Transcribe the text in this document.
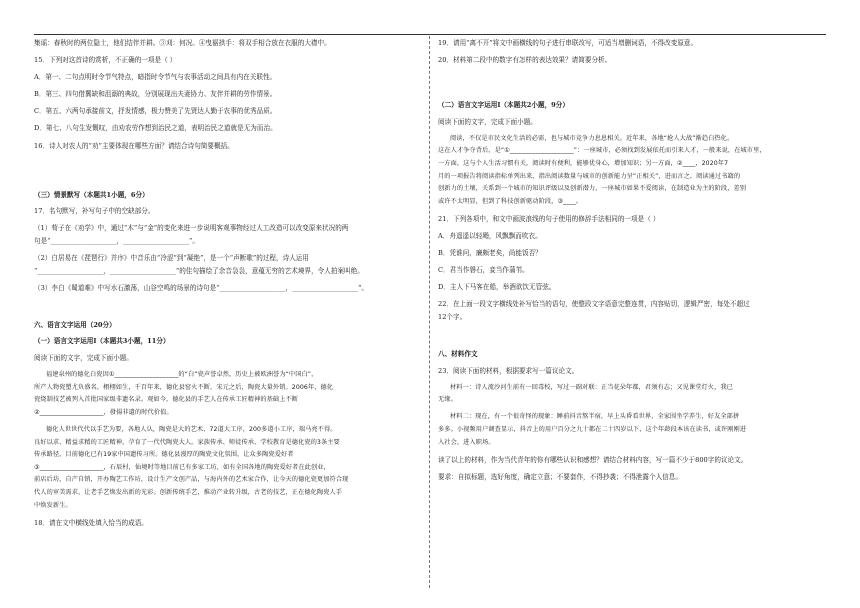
集谣：春秋时的两位隐士，他们结伴并耕。③刈：何况。④曳裾拱手：将双手相合放在衣服的大襟中。

15．下列对这首诗的赏析，不正确的一项是（ ）

A．第一、二句点明时令节气特点，暗指时令节气与农事活动之间具有内在关联性。

B．第三、四句借冀缺和沮溺的典故，分别展现出夫妻协力、友伴并耕的劳作情景。

C．第五、六两句承接前文，抒发情感，极力赞美了先贤达人勤于农事的优秀品质。

D．第七、八句生发慨叹，由劝农劳作想到治民之道，表明治民之道就是无为而治。

16．诗人对农人的“劝”主要体现在哪些方面？请结合诗句简要概括。

（三）情景默写（本题共1小题，6分）

17．名句默写，补写句子中的空缺部分。

（1）荀子在《劝学》中，通过“木”与“金”的变化来进一步说明客观事物经过人工改造可以改变原来状况的两

句是“____________________，____________________”。

（2）白居易在《琵琶行》并序》中音乐由“冷涩”到“凝绝”，是一个“声断歌”的过程，诗人运用

“____________________，____________________”的佳句描绘了余音袅袅，意蕴无穷的艺术境界，令人拍案叫绝。

（3）李白《蜀道难》中写水石激荡，山谷空鸣的场景的诗句是“____________________，____________________”。

六、语言文字运用（20分）

（一）语言文字运用Ⅰ（本题共3小题，11分）

阅读下面的文字，完成下面小题。

福建泉州的德化白瓷因①____________________的“白”瓷声誉卓然，历史上被欧洲誉为“中国白”，

所产人物瓷塑尤负盛名，栩栩如生，千百年来，德化县窑火不断，宋元之后，陶瓷大量外销。2006年，德化

瓷烧制技艺被列入首批国家级非遗名录。观如今，德化县的手艺人在传承工匠精神的基础上不断

②____________________，發揚非遺的时代价值。

德化人世世代代以手艺为要，各地人认，陶瓷是大的艺术，72道大工序，200多道小工序，瑞马亮不得。

良好以求、精益求精的工匠精神，孕育了一代代陶瓷大人。家族传承、师徒传承、学校教育是德化瓷的3条主要

传承路径，目前德化已有19家中国遗传习所。德化县漫厚的陶瓷文化氛围，让众多陶瓷爱好者

③____________________，石辰村，仙境时等地目前已有多家工坊，如有全国各地的陶瓷爱好者在此创业，

前店后坊，自产自销，开办陶艺工作坊，设计生产文创产品，与海内外的艺术家合作，让今天的德化瓷更加符合现

代人的审美需求，让老手艺焕发出新的光彩。创新传统手艺，推动产业转升级，古老的技艺，正在德化陶瓷人手

中焕发新生。

18．请在文中横线处填入恰当的成语。

19．请用“离不开”将文中画横线的句子进行串联改写，可适当增删词语，不得改变原意。

20．材料第二段中的数字有怎样的表达效果？请简要分析。

（二）语言文字运用Ⅰ（本题共2小题，9分）

阅读下面的文字，完成下面小题。

阅读，不仅是市民文化生活的必需，也与城市竞争力息息相关。近年来，各地“抢人大战”渐趋白热化。

这在人才争夺背后，是“①____________________”：一座城市，必须找到发展依托而引来人才，一般来说，在城市里，

一方面，这与个人生活习惯有关，阅读时有便利，能够优身心，增加知识；另一方面，②____，2020年7

月的一项报告将阅读指标单列出来，指出阅读数量与城市的创新能力呈“正相关”，进而言之，阅读通过书籍的

创新力的土壤，关系到一个城市的知识评级以及创新潜力，一座城市如果不爱阅读，在制造业为主的阶段，差别

或许不太明显，但到了科技创新驱动阶段，③____。

21．下列各项中，和文中画波浪线的句子使用的修辞手法相同的一项是（ ）

A．舟遥遥以轻飏，风飘飘而吹衣。

B．凭谁问，廉颇老矣，尚能饭否？

C．君当作磐石，妾当作蒲苇。

D．主人下马客在船，举酒欲饮无管弦。

22．在上面一段文字横线处补写恰当的语句，使整段文字语意完整连贯，内容贴切，逻辑严密，每处不超过

12个字。

八、材料作文

23．阅读下面的材料，根据要求写一篇议论文。

材料一：诗人流沙河生前有一回毒校，写过一副对联：正当花朵年都，君须有志；又见课堂灯火，我已

无缘。

材料二：现在，有一个很奇怪的现象：睡前抖音熬半宿，早上头昏看世界，全家围坐学养生，好友全部拼

多多。小视频用户调查显示，抖音上的用户百分之九十都在二十四岁以下，这个年龄段本该在读书，或许刚刚进

入社会，进入职场。

读了以上的材料，作为当代青年的你有哪些认识和感想？请结合材料内容，写一篇不少于800字的议论文。

要求：自拟标题，选好角度，确定立意；不要套作，不得抄袭；不得泄露个人信息。
